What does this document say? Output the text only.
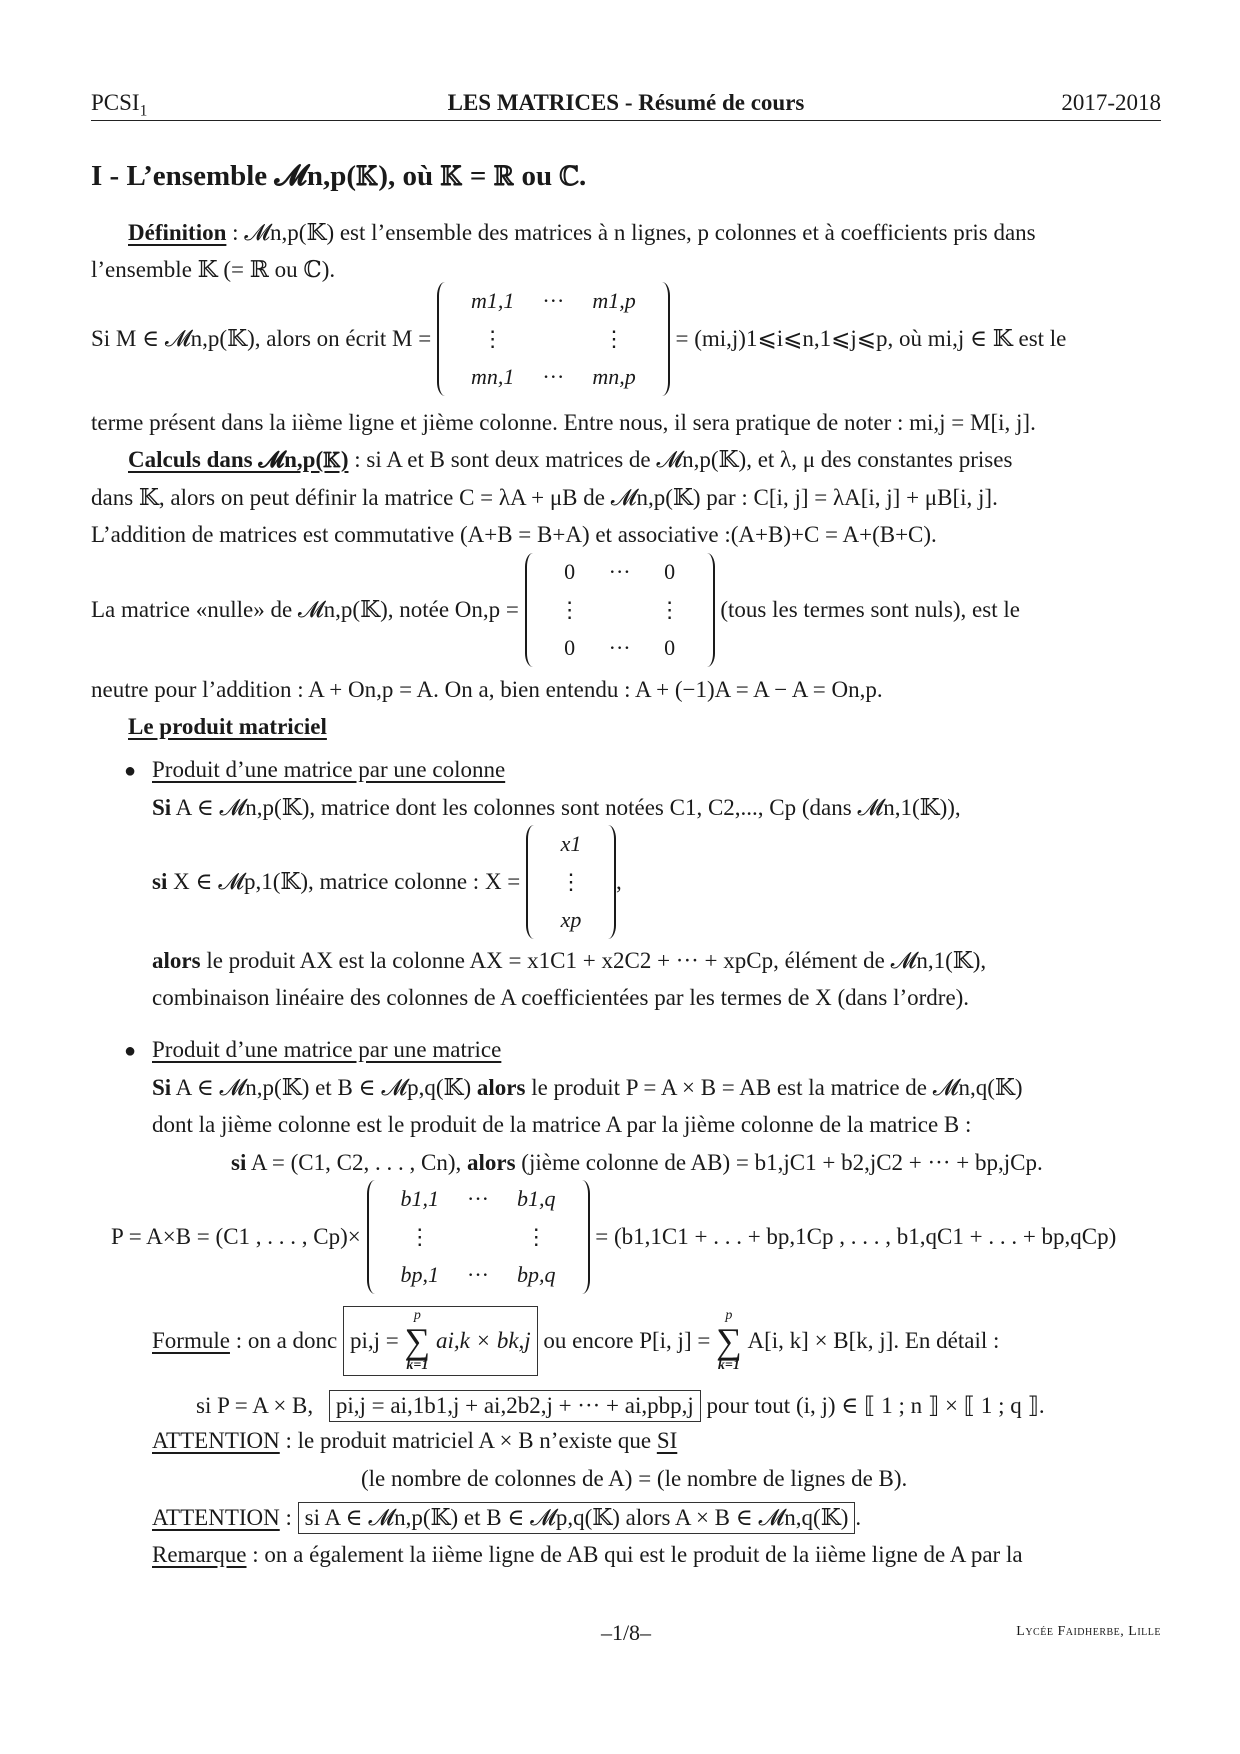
$PCSI_1$	LES MATRICES - Résumé de cours	2017-2018
I - L’ensemble 𝓜n,p(𝕂), où 𝕂 = ℝ ou ℂ.
Définition : 𝓜n,p(𝕂) est l’ensemble des matrices à n lignes, p colonnes et à coefficients pris dans
l’ensemble 𝕂 (= ℝ ou ℂ).
Si M ∈ 𝓜n,p(𝕂), alors on écrit M =
m1,1	···	m1,p
⋮		⋮
mn,1	···	mn,p
= (mi,j)1⩽i⩽n,1⩽j⩽p, où mi,j ∈ 𝕂 est le
terme présent dans la iième ligne et jième colonne. Entre nous, il sera pratique de noter : mi,j = M[i, j].
Calculs dans 𝓜n,p(𝕂) : si A et B sont deux matrices de 𝓜n,p(𝕂), et λ, μ des constantes prises
dans 𝕂, alors on peut définir la matrice C = λA + μB de 𝓜n,p(𝕂) par : C[i, j] = λA[i, j] + μB[i, j].
L’addition de matrices est commutative (A+B = B+A) et associative :(A+B)+C = A+(B+C).
La matrice «nulle» de 𝓜n,p(𝕂), notée On,p =
0	···	0
⋮		⋮
0	···	0
(tous les termes sont nuls), est le
neutre pour l’addition : A + On,p = A. On a, bien entendu : A + (−1)A = A − A = On,p.
Le produit matriciel
● Produit d’une matrice par une colonne
Si A ∈ 𝓜n,p(𝕂), matrice dont les colonnes sont notées C1, C2,..., Cp (dans 𝓜n,1(𝕂)),
si X ∈ 𝓜p,1(𝕂), matrice colonne : X =
x1
⋮
xp
,
alors le produit AX est la colonne AX = x1C1 + x2C2 + ··· + xpCp, élément de 𝓜n,1(𝕂),
combinaison linéaire des colonnes de A coefficientées par les termes de X (dans l’ordre).
● Produit d’une matrice par une matrice
Si A ∈ 𝓜n,p(𝕂) et B ∈ 𝓜p,q(𝕂) alors le produit P = A × B = AB est la matrice de 𝓜n,q(𝕂)
dont la jième colonne est le produit de la matrice A par la jième colonne de la matrice B :
si A = (C1, C2, . . . , Cn), alors (jième colonne de AB) = b1,jC1 + b2,jC2 + ··· + bp,jCp.
P = A×B = (C1 , . . . , Cp)×
b1,1	···	b1,q
⋮		⋮
bp,1	···	bp,q
= (b1,1C1 + . . . + bp,1Cp , . . . , b1,qC1 + . . . + bp,qCp)
Formule : on a donc pi,j =
p
∑
k=1
ai,k × bk,j ou encore P[i, j] =
p
∑
k=1
A[i, k] × B[k, j]. En détail :
si P = A × B, pi,j = ai,1b1,j + ai,2b2,j + ··· + ai,pbp,j pour tout (i, j) ∈ ⟦ 1 ; n ⟧ × ⟦ 1 ; q ⟧.
ATTENTION : le produit matriciel A × B n’existe que SI
(le nombre de colonnes de A) = (le nombre de lignes de B).
ATTENTION : si A ∈ 𝓜n,p(𝕂) et B ∈ 𝓜p,q(𝕂) alors A × B ∈ 𝓜n,q(𝕂) .
Remarque : on a également la iième ligne de AB qui est le produit de la iième ligne de A par la
–1/8–	Lycée Faidherbe, Lille
